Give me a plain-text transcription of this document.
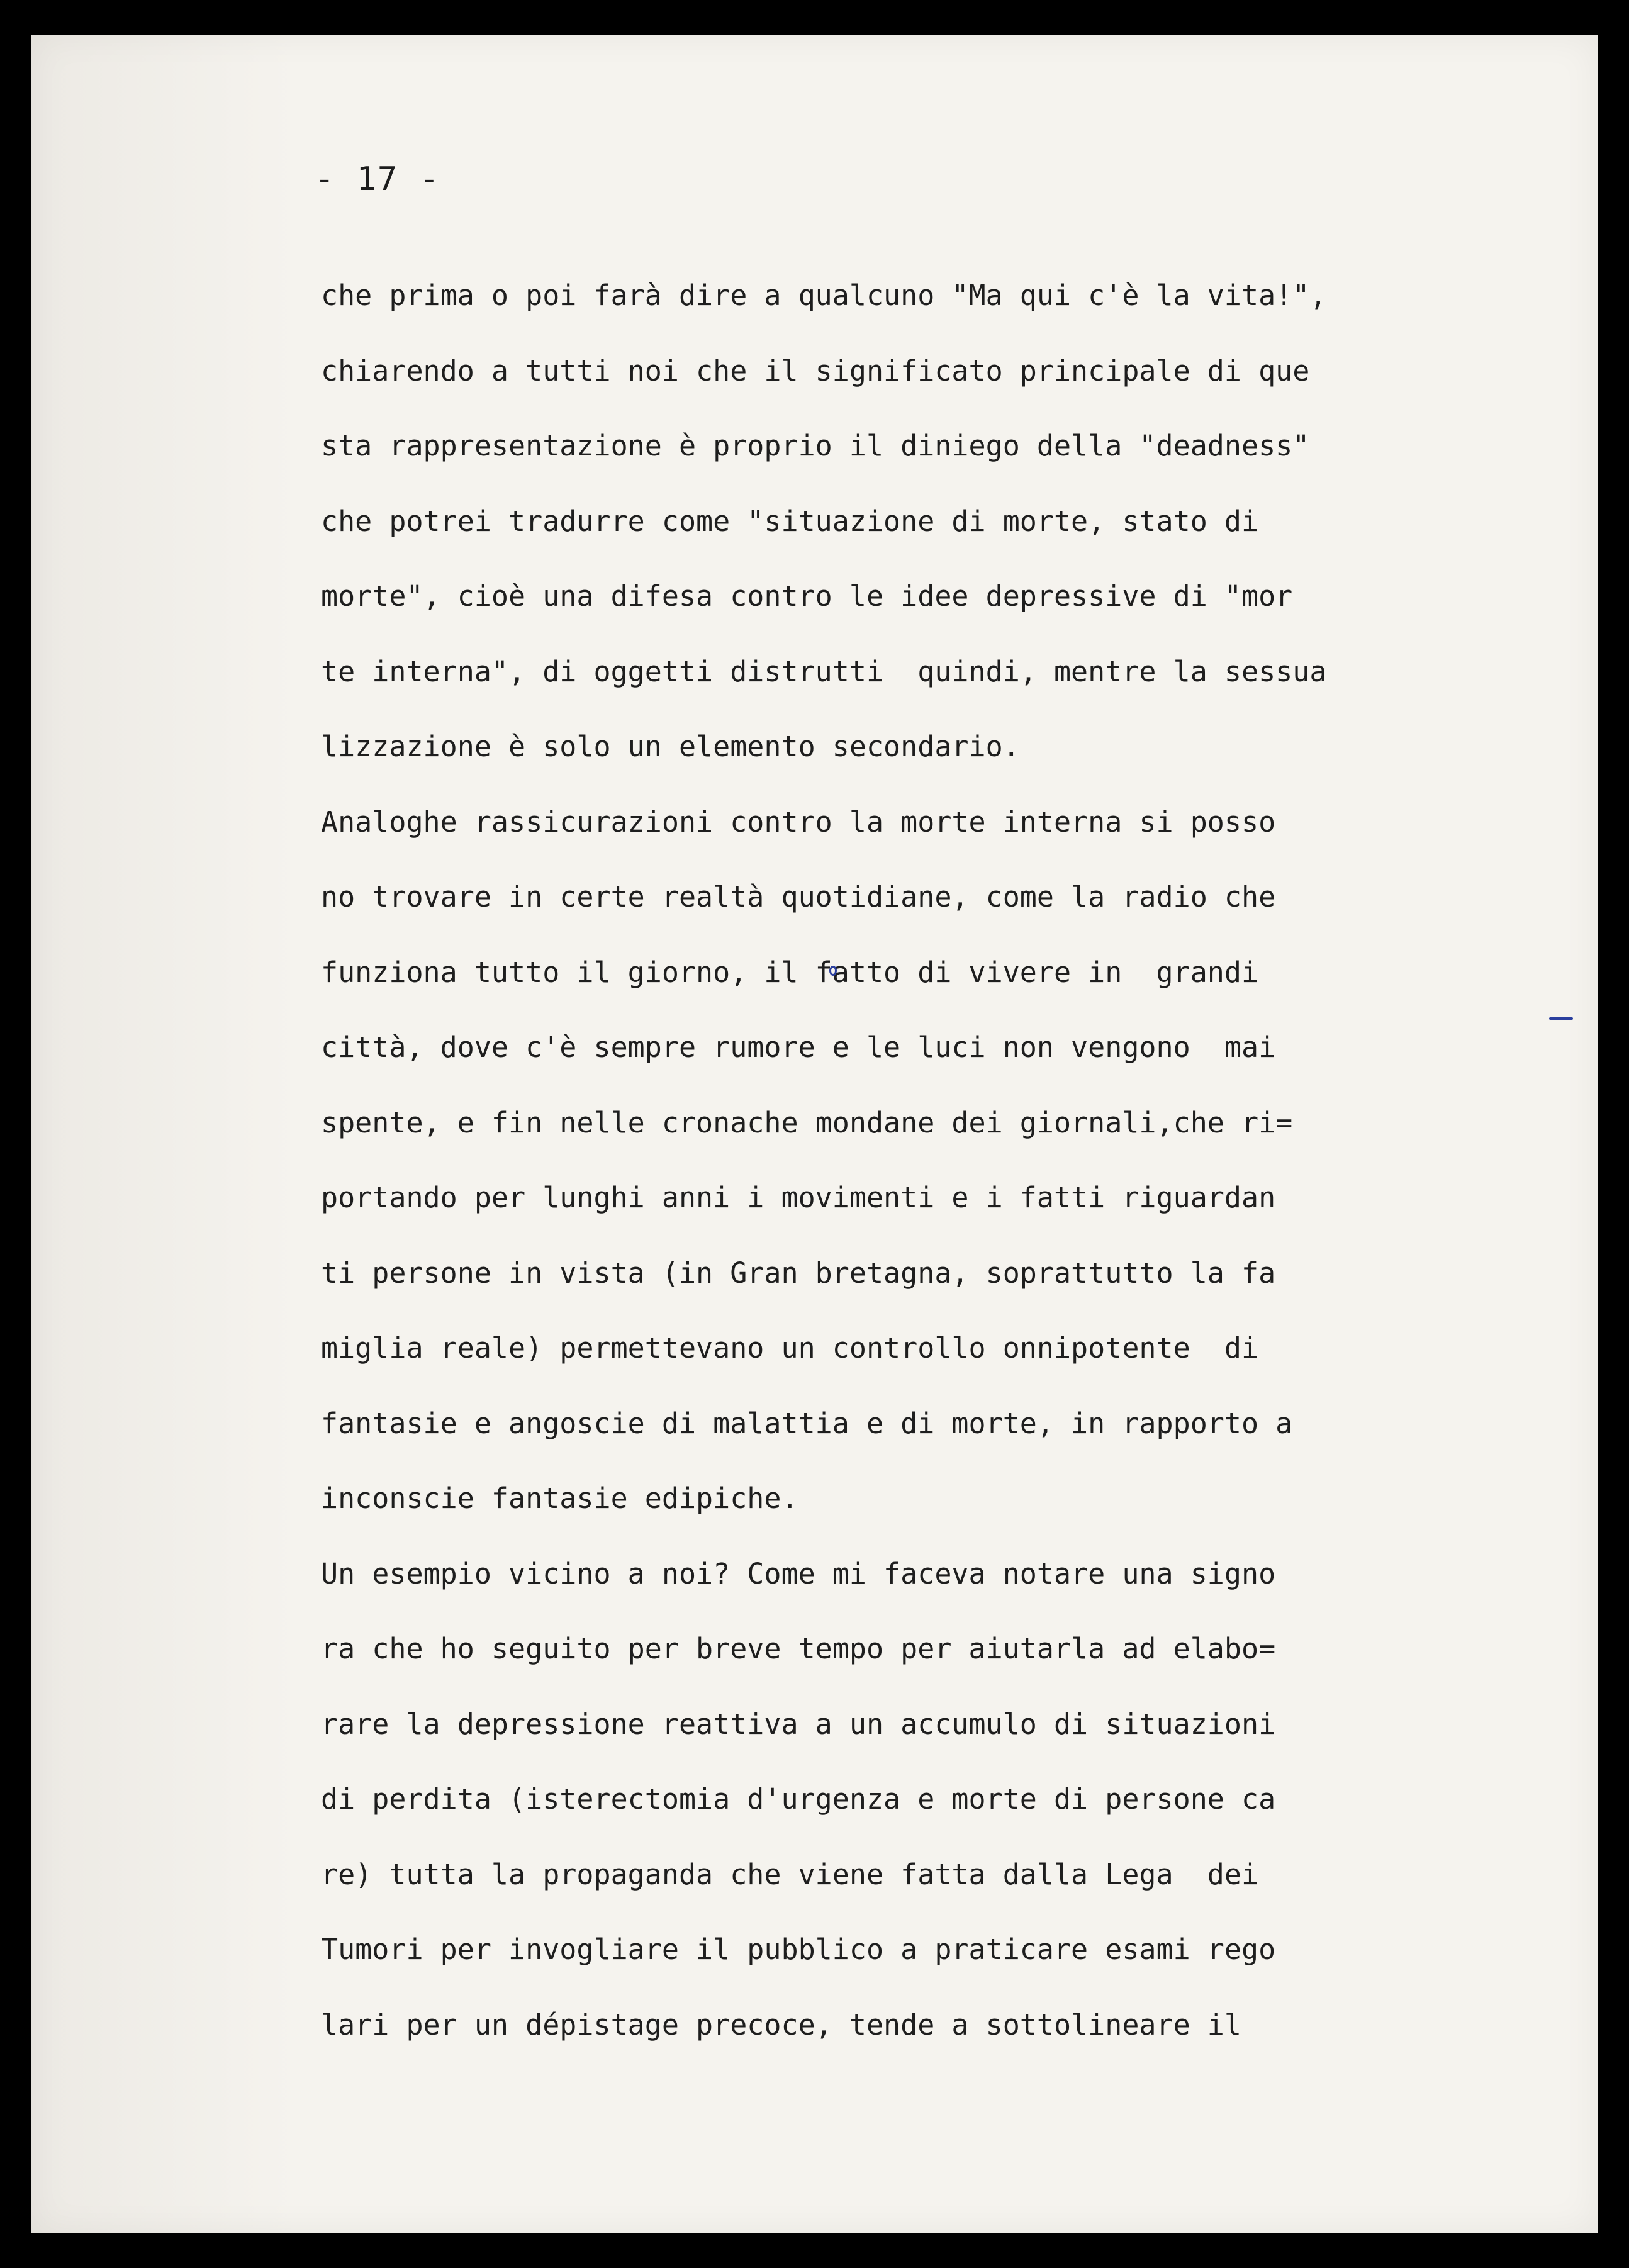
- 17 -
che prima o poi farà dire a qualcuno "Ma qui c'è la vita!",
chiarendo a tutti noi che il significato principale di que
sta rappresentazione è proprio il diniego della "deadness"
che potrei tradurre come "situazione di morte, stato di
morte", cioè una difesa contro le idee depressive di "mor
te interna", di oggetti distrutti  quindi, mentre la sessua
lizzazione è solo un elemento secondario.
Analoghe rassicurazioni contro la morte interna si posso
no trovare in certe realtà quotidiane, come la radio che
funziona tutto il giorno, il fatto di vivere in  grandi
città, dove c'è sempre rumore e le luci non vengono  mai
spente, e fin nelle cronache mondane dei giornali,che ri=
portando per lunghi anni i movimenti e i fatti riguardan
ti persone in vista (in Gran bretagna, soprattutto la fa
miglia reale) permettevano un controllo onnipotente  di
fantasie e angoscie di malattia e di morte, in rapporto a
inconscie fantasie edipiche.
Un esempio vicino a noi? Come mi faceva notare una signo
ra che ho seguito per breve tempo per aiutarla ad elabo=
rare la depressione reattiva a un accumulo di situazioni
di perdita (isterectomia d'urgenza e morte di persone ca
re) tutta la propaganda che viene fatta dalla Lega  dei
Tumori per invogliare il pubblico a praticare esami rego
lari per un dépistage precoce, tende a sottolineare il
